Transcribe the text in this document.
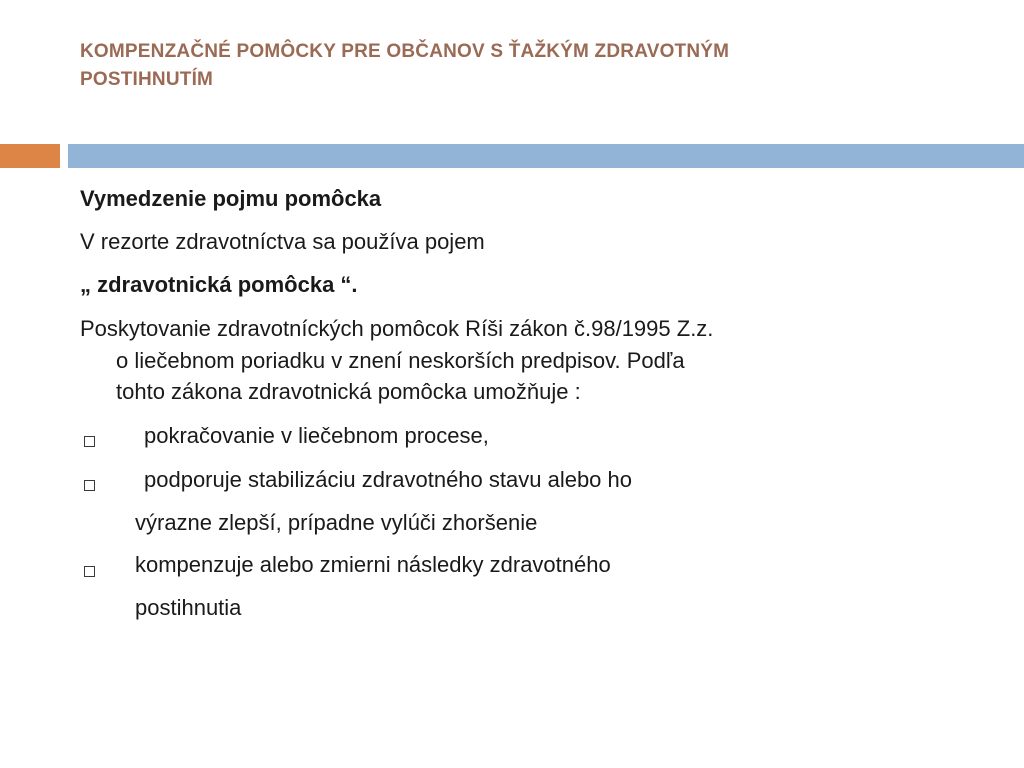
KOMPENZAČNÉ POMÔCKY PRE OBČANOV S ŤAŽKÝM ZDRAVOTNÝM
POSTIHNUTÍM
Vymedzenie pojmu pomôcka
V rezorte zdravotníctva sa používa pojem
„ zdravotnická pomôcka “.
Poskytovanie zdravotníckých pomôcok Ríši zákon č.98/1995 Z.z.
o liečebnom poriadku v znení neskorších predpisov. Podľa
tohto zákona zdravotnická pomôcka umožňuje :
pokračovanie v liečebnom procese,
podporuje stabilizáciu zdravotného stavu alebo ho
výrazne zlepší, prípadne vylúči zhoršenie
kompenzuje alebo zmierni následky zdravotného
postihnutia
